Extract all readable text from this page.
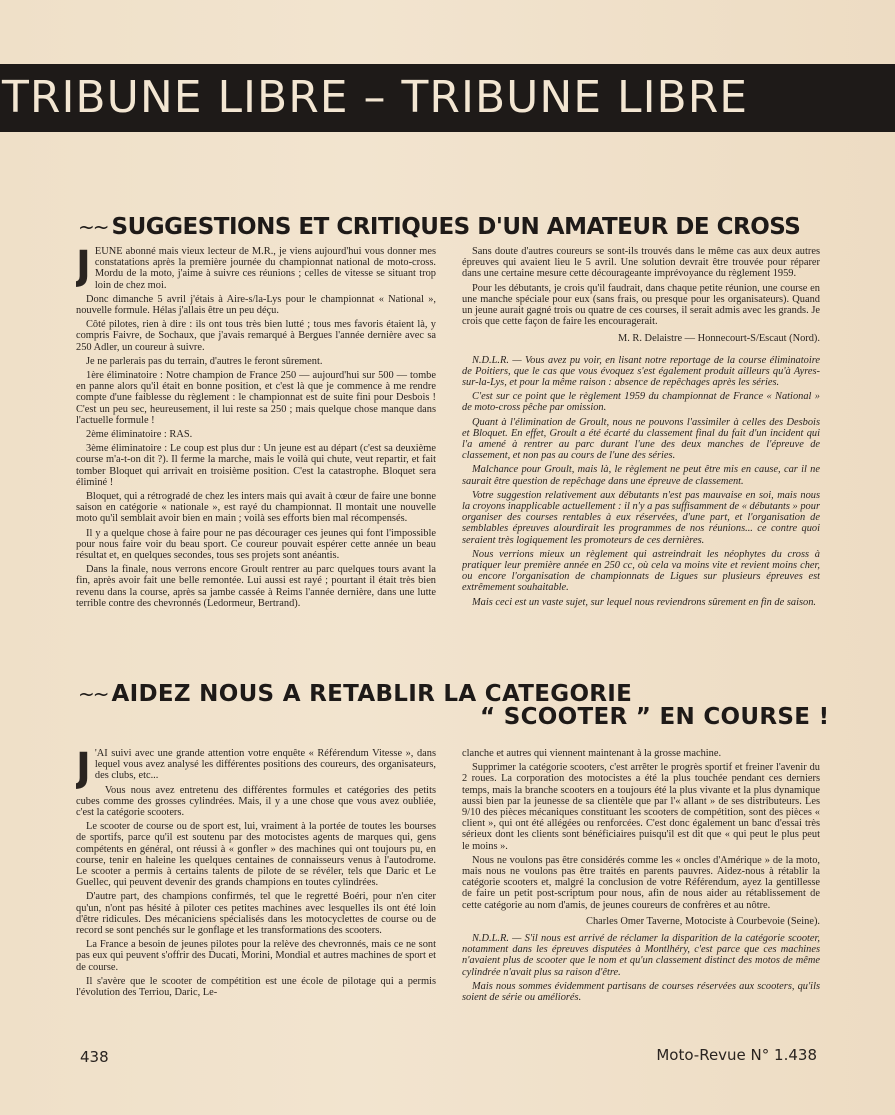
TRIBUNE LIBRE – TRIBUNE LIBRE
~~ SUGGESTIONS ET CRITIQUES D'UN AMATEUR DE CROSS
J EUNE abonné mais vieux lecteur de M.R., je viens aujourd'hui vous donner mes constatations après la première journée du championnat national de moto-cross. Mordu de la moto, j'aime à suivre ces réunions ; celles de vitesse se situant trop loin de chez moi.

Donc dimanche 5 avril j'étais à Aire-s/la-Lys pour le championnat « National », nouvelle formule. Hélas j'allais être un peu déçu.

Côté pilotes, rien à dire : ils ont tous très bien lutté ; tous mes favoris étaient là, y compris Faivre, de Sochaux, que j'avais remarqué à Bergues l'année dernière avec sa 250 Adler, un coureur à suivre.

Je ne parlerais pas du terrain, d'autres le feront sûrement.

1ère éliminatoire : Notre champion de France 250 — aujourd'hui sur 500 — tombe en panne alors qu'il était en bonne position, et c'est là que je commence à me rendre compte d'une faiblesse du règlement : le championnat est de suite fini pour Desbois ! C'est un peu sec, heureusement, il lui reste sa 250 ; mais quelque chose manque dans l'actuelle formule !

2ème éliminatoire : RAS.

3ème éliminatoire : Le coup est plus dur : Un jeune est au départ (c'est sa deuxième course m'a-t-on dit ?). Il ferme la marche, mais le voilà qui chute, veut repartir, et fait tomber Bloquet qui arrivait en troisième position. C'est la catastrophe. Bloquet sera éliminé !

Bloquet, qui a rétrogradé de chez les inters mais qui avait à cœur de faire une bonne saison en catégorie « nationale », est rayé du championnat. Il montait une nouvelle moto qu'il semblait avoir bien en main ; voilà ses efforts bien mal récompensés.

Il y a quelque chose à faire pour ne pas décourager ces jeunes qui font l'impossible pour nous faire voir du beau sport. Ce coureur pouvait espérer cette année un beau résultat et, en quelques secondes, tous ses projets sont anéantis.

Dans la finale, nous verrons encore Groult rentrer au parc quelques tours avant la fin, après avoir fait une belle remontée. Lui aussi est rayé ; pourtant il était très bien revenu dans la course, après sa jambe cassée à Reims l'année dernière, dans une lutte terrible contre des chevronnés (Ledormeur, Bertrand).

Sans doute d'autres coureurs se sont-ils trouvés dans le même cas aux deux autres épreuves qui avaient lieu le 5 avril. Une solution devrait être trouvée pour réparer dans une certaine mesure cette décourageante imprévoyance du règlement 1959.

Pour les débutants, je crois qu'il faudrait, dans chaque petite réunion, une course en une manche spéciale pour eux (sans frais, ou presque pour les organisateurs). Quand un jeune aurait gagné trois ou quatre de ces courses, il serait admis avec les grands. Je crois que cette façon de faire les encouragerait.

M. R. Delaistre — Honnecourt-S/Escaut (Nord).

N.D.L.R. — Vous avez pu voir, en lisant notre reportage de la course éliminatoire de Poitiers, que le cas que vous évoquez s'est également produit ailleurs qu'à Ayres-sur-la-Lys, et pour la même raison : absence de repêchages après les séries.

C'est sur ce point que le règlement 1959 du championnat de France « National » de moto-cross pêche par omission.

Quant à l'élimination de Groult, nous ne pouvons l'assimiler à celles des Desbois et Bloquet. En effet, Groult a été écarté du classement final du fait d'un incident qui l'a amené à rentrer au parc durant l'une des deux manches de l'épreuve de classement, et non pas au cours de l'une des séries.

Malchance pour Groult, mais là, le règlement ne peut être mis en cause, car il ne saurait être question de repêchage dans une épreuve de classement.

Votre suggestion relativement aux débutants n'est pas mauvaise en soi, mais nous la croyons inapplicable actuellement : il n'y a pas suffisamment de « débutants » pour organiser des courses rentables à eux réservées, d'une part, et l'organisation de semblables épreuves alourdirait les programmes de nos réunions... ce contre quoi seraient très logiquement les promoteurs de ces dernières.

Nous verrions mieux un règlement qui astreindrait les néophytes du cross à pratiquer leur première année en 250 cc, où cela va moins vite et revient moins cher, ou encore l'organisation de championnats de Ligues sur plusieurs épreuves est extrêmement souhaitable.

Mais ceci est un vaste sujet, sur lequel nous reviendrons sûrement en fin de saison.

~~ AIDEZ NOUS A RETABLIR LA CATEGORIE
“ SCOOTER ” EN COURSE !
J 'AI suivi avec une grande attention votre enquête « Référendum Vitesse », dans lequel vous avez analysé les différentes positions des coureurs, des organisateurs, des clubs, etc...

Vous nous avez entretenu des différentes formules et catégories des petits cubes comme des grosses cylindrées. Mais, il y a une chose que vous avez oubliée, c'est la catégorie scooters.

Le scooter de course ou de sport est, lui, vraiment à la portée de toutes les bourses de sportifs, parce qu'il est soutenu par des motocistes agents de marques qui, gens compétents en général, ont réussi à « gonfler » des machines qui ont toujours pu, en course, tenir en haleine les quelques centaines de connaisseurs venus à l'autodrome. Le scooter a permis à certains talents de pilote de se révéler, tels que Daric et Le Guellec, qui peuvent devenir des grands champions en toutes cylindrées.

D'autre part, des champions confirmés, tel que le regretté Boéri, pour n'en citer qu'un, n'ont pas hésité à piloter ces petites machines avec lesquelles ils ont été loin d'être ridicules. Des mécaniciens spécialisés dans les motocyclettes de course ou de record se sont penchés sur le gonflage et les transformations des scooters.

La France a besoin de jeunes pilotes pour la relève des chevronnés, mais ce ne sont pas eux qui peuvent s'offrir des Ducati, Morini, Mondial et autres machines de sport et de course.

Il s'avère que le scooter de compétition est une école de pilotage qui a permis l'évolution des Terriou, Daric, Le-

clanche et autres qui viennent maintenant à la grosse machine.

Supprimer la catégorie scooters, c'est arrêter le progrès sportif et freiner l'avenir du 2 roues. La corporation des motocistes a été la plus touchée pendant ces derniers temps, mais la branche scooters en a toujours été la plus vivante et la plus dynamique aussi bien par la jeunesse de sa clientèle que par l'« allant » de ses distributeurs. Les 9/10 des pièces mécaniques constituant les scooters de compétition, sont des pièces « client », qui ont été allégées ou renforcées. C'est donc également un banc d'essai très sérieux dont les clients sont bénéficiaires puisqu'il est dit que « qui peut le plus peut le moins ».

Nous ne voulons pas être considérés comme les « oncles d'Amérique » de la moto, mais nous ne voulons pas être traités en parents pauvres. Aidez-nous à rétablir la catégorie scooters et, malgré la conclusion de votre Référendum, ayez la gentillesse de faire un petit post-scriptum pour nous, afin de nous aider au rétablissement de cette catégorie au nom d'amis, de jeunes coureurs de confrères et au nôtre.

Charles Omer Taverne, Motociste à Courbevoie (Seine).

N.D.L.R. — S'il nous est arrivé de réclamer la disparition de la catégorie scooter, notamment dans les épreuves disputées à Montlhéry, c'est parce que ces machines n'avaient plus de scooter que le nom et qu'un classement distinct des motos de même cylindrée n'avait plus sa raison d'être.

Mais nous sommes évidemment partisans de courses réservées aux scooters, qu'ils soient de série ou améliorés.

438	Moto-Revue N° 1.438
